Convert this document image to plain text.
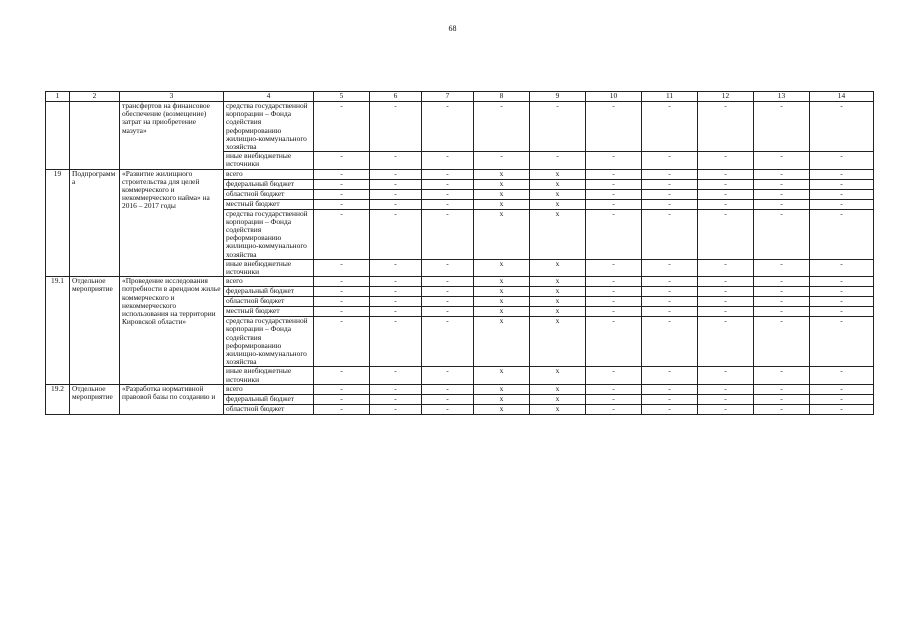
68
1	2	3	4	5	6	7	8	9	10	11	12	13	14
		трансфертов на финансовое обеспечение (возмещение) затрат на приобретение мазута»	средства государственной корпорации – Фонда содействия реформированию жилищно-коммунального хозяйства	-	-	-	-	-	-	-	-	-	-
			иные внебюджетные источники	-	-	-	-	-	-	-	-	-	-
19	Подпрограмма	«Развитие жилищного строительства для целей коммерческого и некоммерческого найма» на 2016 – 2017 годы	всего	-	-	-	x	x	-	-	-	-	-
			федеральный бюджет	-	-	-	x	x	-	-	-	-	-
			областной бюджет	-	-	-	x	x	-	-	-	-	-
			местный бюджет	-	-	-	x	x	-	-	-	-	-
			средства государственной корпорации – Фонда содействия реформированию жилищно-коммунального хозяйства	-	-	-	x	x	-	-	-	-	-
			иные внебюджетные источники	-	-	-	x	x	-	-	-	-	-
19.1	Отдельное мероприятие	«Проведение исследования потребности в арендном жилье коммерческого и некоммерческого использования на территории Кировской области»	всего	-	-	-	x	x	-	-	-	-	-
			федеральный бюджет	-	-	-	x	x	-	-	-	-	-
			областной бюджет	-	-	-	x	x	-	-	-	-	-
			местный бюджет	-	-	-	x	x	-	-	-	-	-
			средства государственной корпорации – Фонда содействия реформированию жилищно-коммунального хозяйства	-	-	-	x	x	-	-	-	-	-
			иные внебюджетные источники	-	-	-	x	x	-	-	-	-	-
19.2	Отдельное мероприятие	«Разработка нормативной правовой базы по созданию и	всего	-	-	-	x	x	-	-	-	-	-
			федеральный бюджет	-	-	-	x	x	-	-	-	-	-
			областной бюджет	-	-	-	x	x	-	-	-	-	-
